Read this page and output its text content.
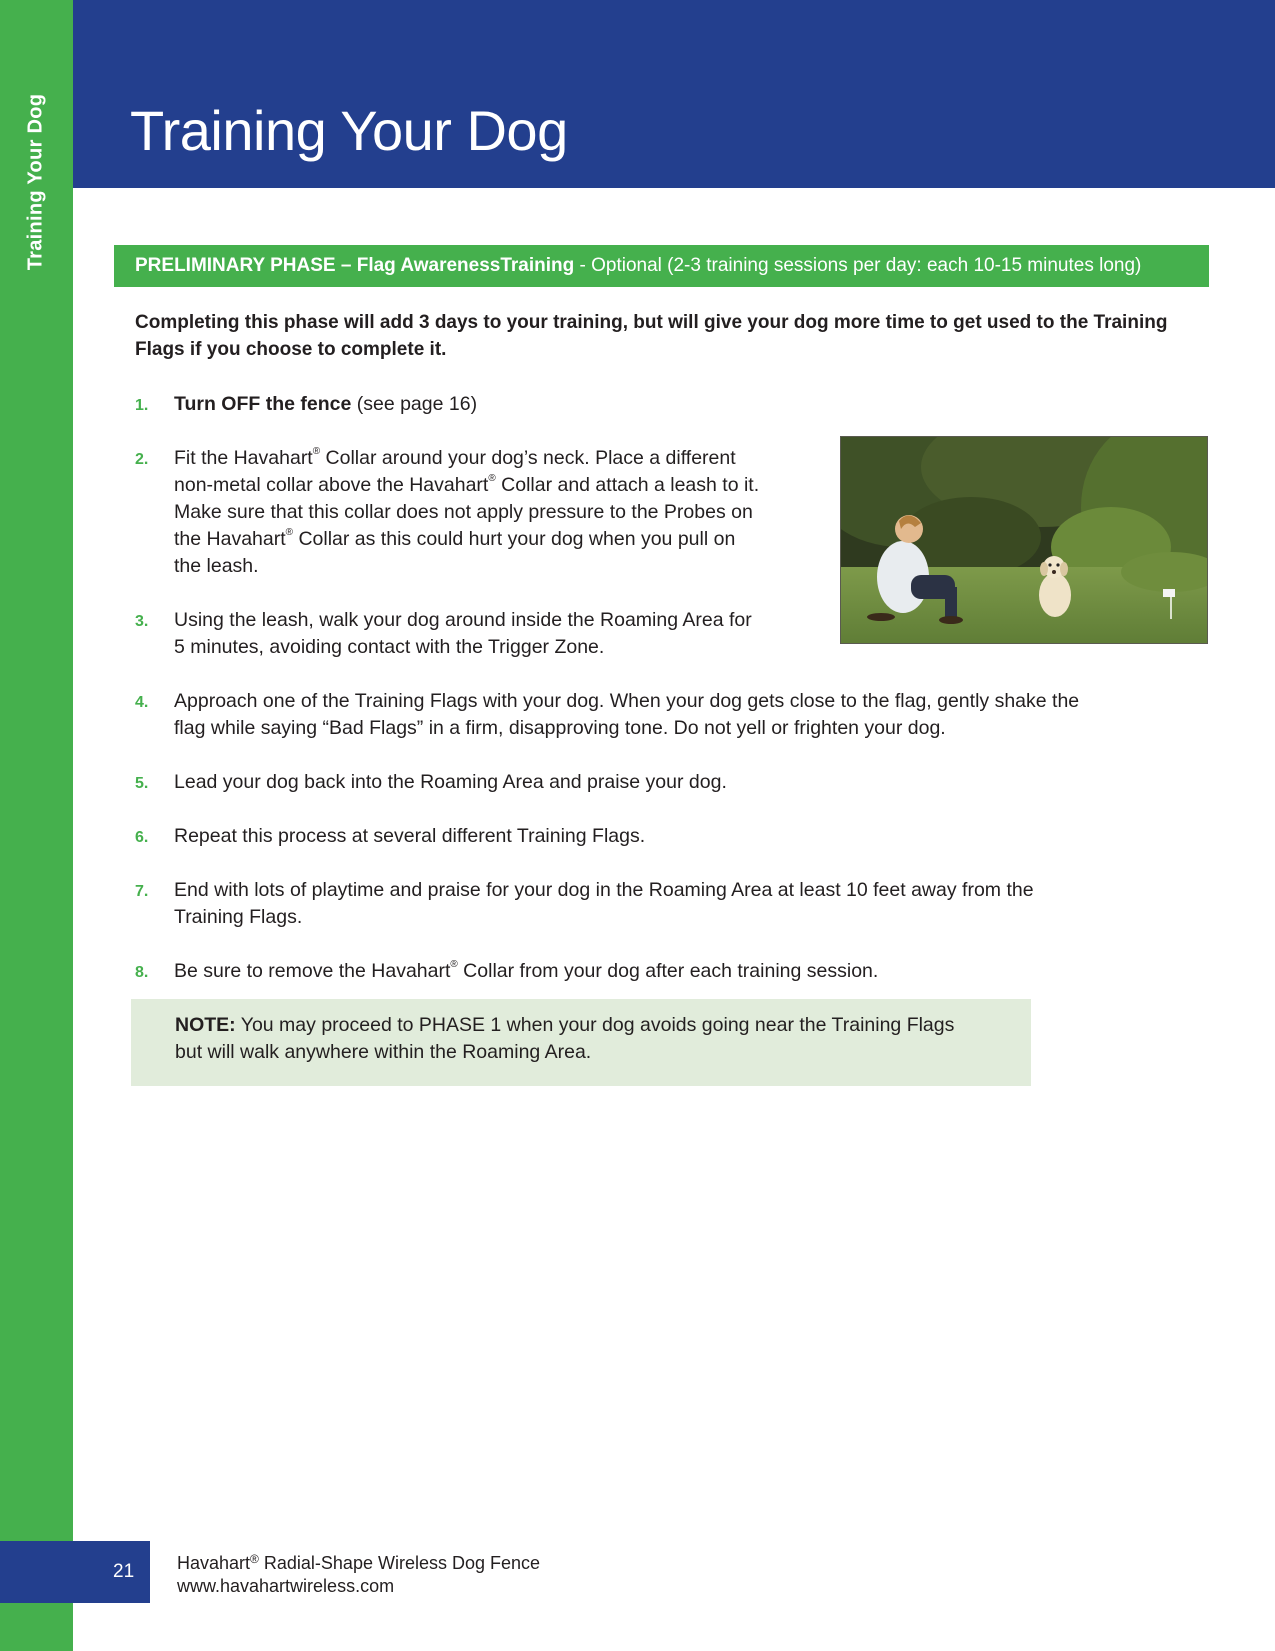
Training Your Dog Training Your Dog
PRELIMINARY PHASE – Flag AwarenessTraining - Optional (2-3 training sessions per day: each 10-15 minutes long)

Completing this phase will add 3 days to your training, but will give your dog more time to get used to the Training Flags if you choose to complete it.

1. Turn OFF the fence (see page 16)
2. Fit the Havahart® Collar around your dog’s neck. Place a different
non-metal collar above the Havahart® Collar and attach a leash to it.
Make sure that this collar does not apply pressure to the Probes on
the Havahart® Collar as this could hurt your dog when you pull on
the leash.
3. Using the leash, walk your dog around inside the Roaming Area for
5 minutes, avoiding contact with the Trigger Zone.
4. Approach one of the Training Flags with your dog. When your dog gets close to the flag, gently shake the
flag while saying “Bad Flags” in a firm, disapproving tone. Do not yell or frighten your dog.
5. Lead your dog back into the Roaming Area and praise your dog.
6. Repeat this process at several different Training Flags.
7. End with lots of playtime and praise for your dog in the Roaming Area at least 10 feet away from the
Training Flags.
8. Be sure to remove the Havahart® Collar from your dog after each training session.
NOTE: You may proceed to PHASE 1 when your dog avoids going near the Training Flags
but will walk anywhere within the Roaming Area.
21 Havahart® Radial-Shape Wireless Dog Fence
www.havahartwireless.com
